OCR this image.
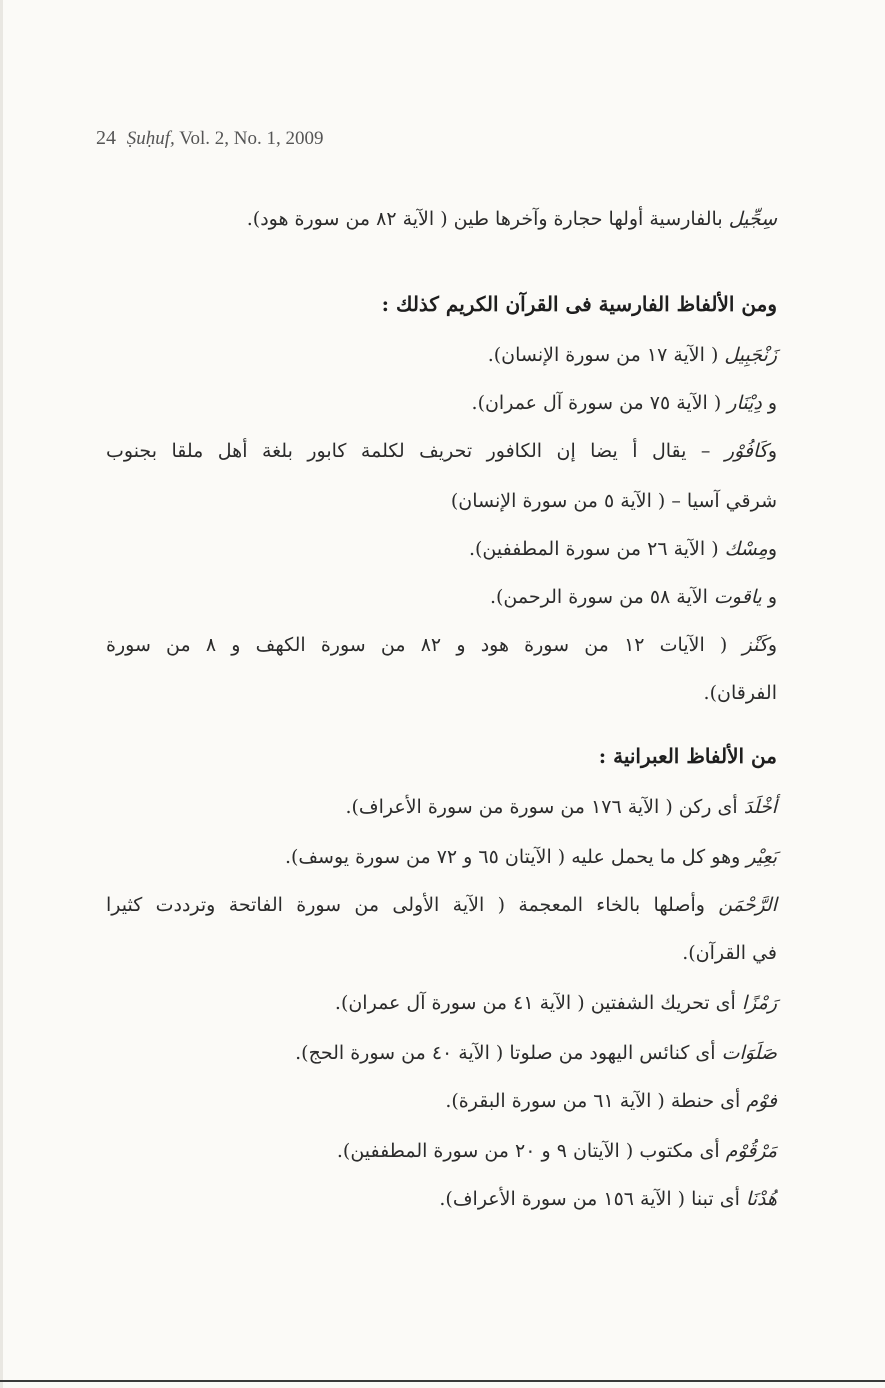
24 Ṣuḥuf, Vol. 2, No. 1, 2009
سِجِّيل بالفارسية أولها حجارة وآخرها طين ( الآية ٨٢ من سورة هود).
ومن الألفاظ الفارسية فى القرآن الكريم كذلك :
زَنْجَبِيل ( الآية ١٧ من سورة الإنسان).
و دِيْنَار ( الآية ٧٥ من سورة آل عمران).
وكَافُوْر – يقال أ يضا إن الكافور تحريف لكلمة كابور بلغة أهل ملقا بجنوب
شرقي آسيا – ( الآية ٥ من سورة الإنسان)
ومِسْك ( الآية ٢٦ من سورة المطففين).
و ياقوت الآية ٥٨ من سورة الرحمن).
وكَنْز ( الآيات ١٢ من سورة هود و ٨٢ من سورة الكهف و ٨ من سورة
الفرقان).
من الألفاظ العبرانية :
أخْلَدَ أى ركن ( الآية ١٧٦ من سورة من سورة الأعراف).
بَعِيْر وهو كل ما يحمل عليه ( الآيتان ٦٥ و ٧٢ من سورة يوسف).
الرَّحْمَن وأصلها بالخاء المعجمة ( الآية الأولى من سورة الفاتحة وترددت كثيرا
في القرآن).
رَمْزًا أى تحريك الشفتين ( الآية ٤١ من سورة آل عمران).
صَلَوَات أى كنائس اليهود من صلوتا ( الآية ٤٠ من سورة الحج).
فوْم أى حنطة ( الآية ٦١ من سورة البقرة).
مَرْقُوْم أى مكتوب ( الآيتان ٩ و ٢٠ من سورة المطففين).
هُدْنَا أى تبنا ( الآية ١٥٦ من سورة الأعراف).
